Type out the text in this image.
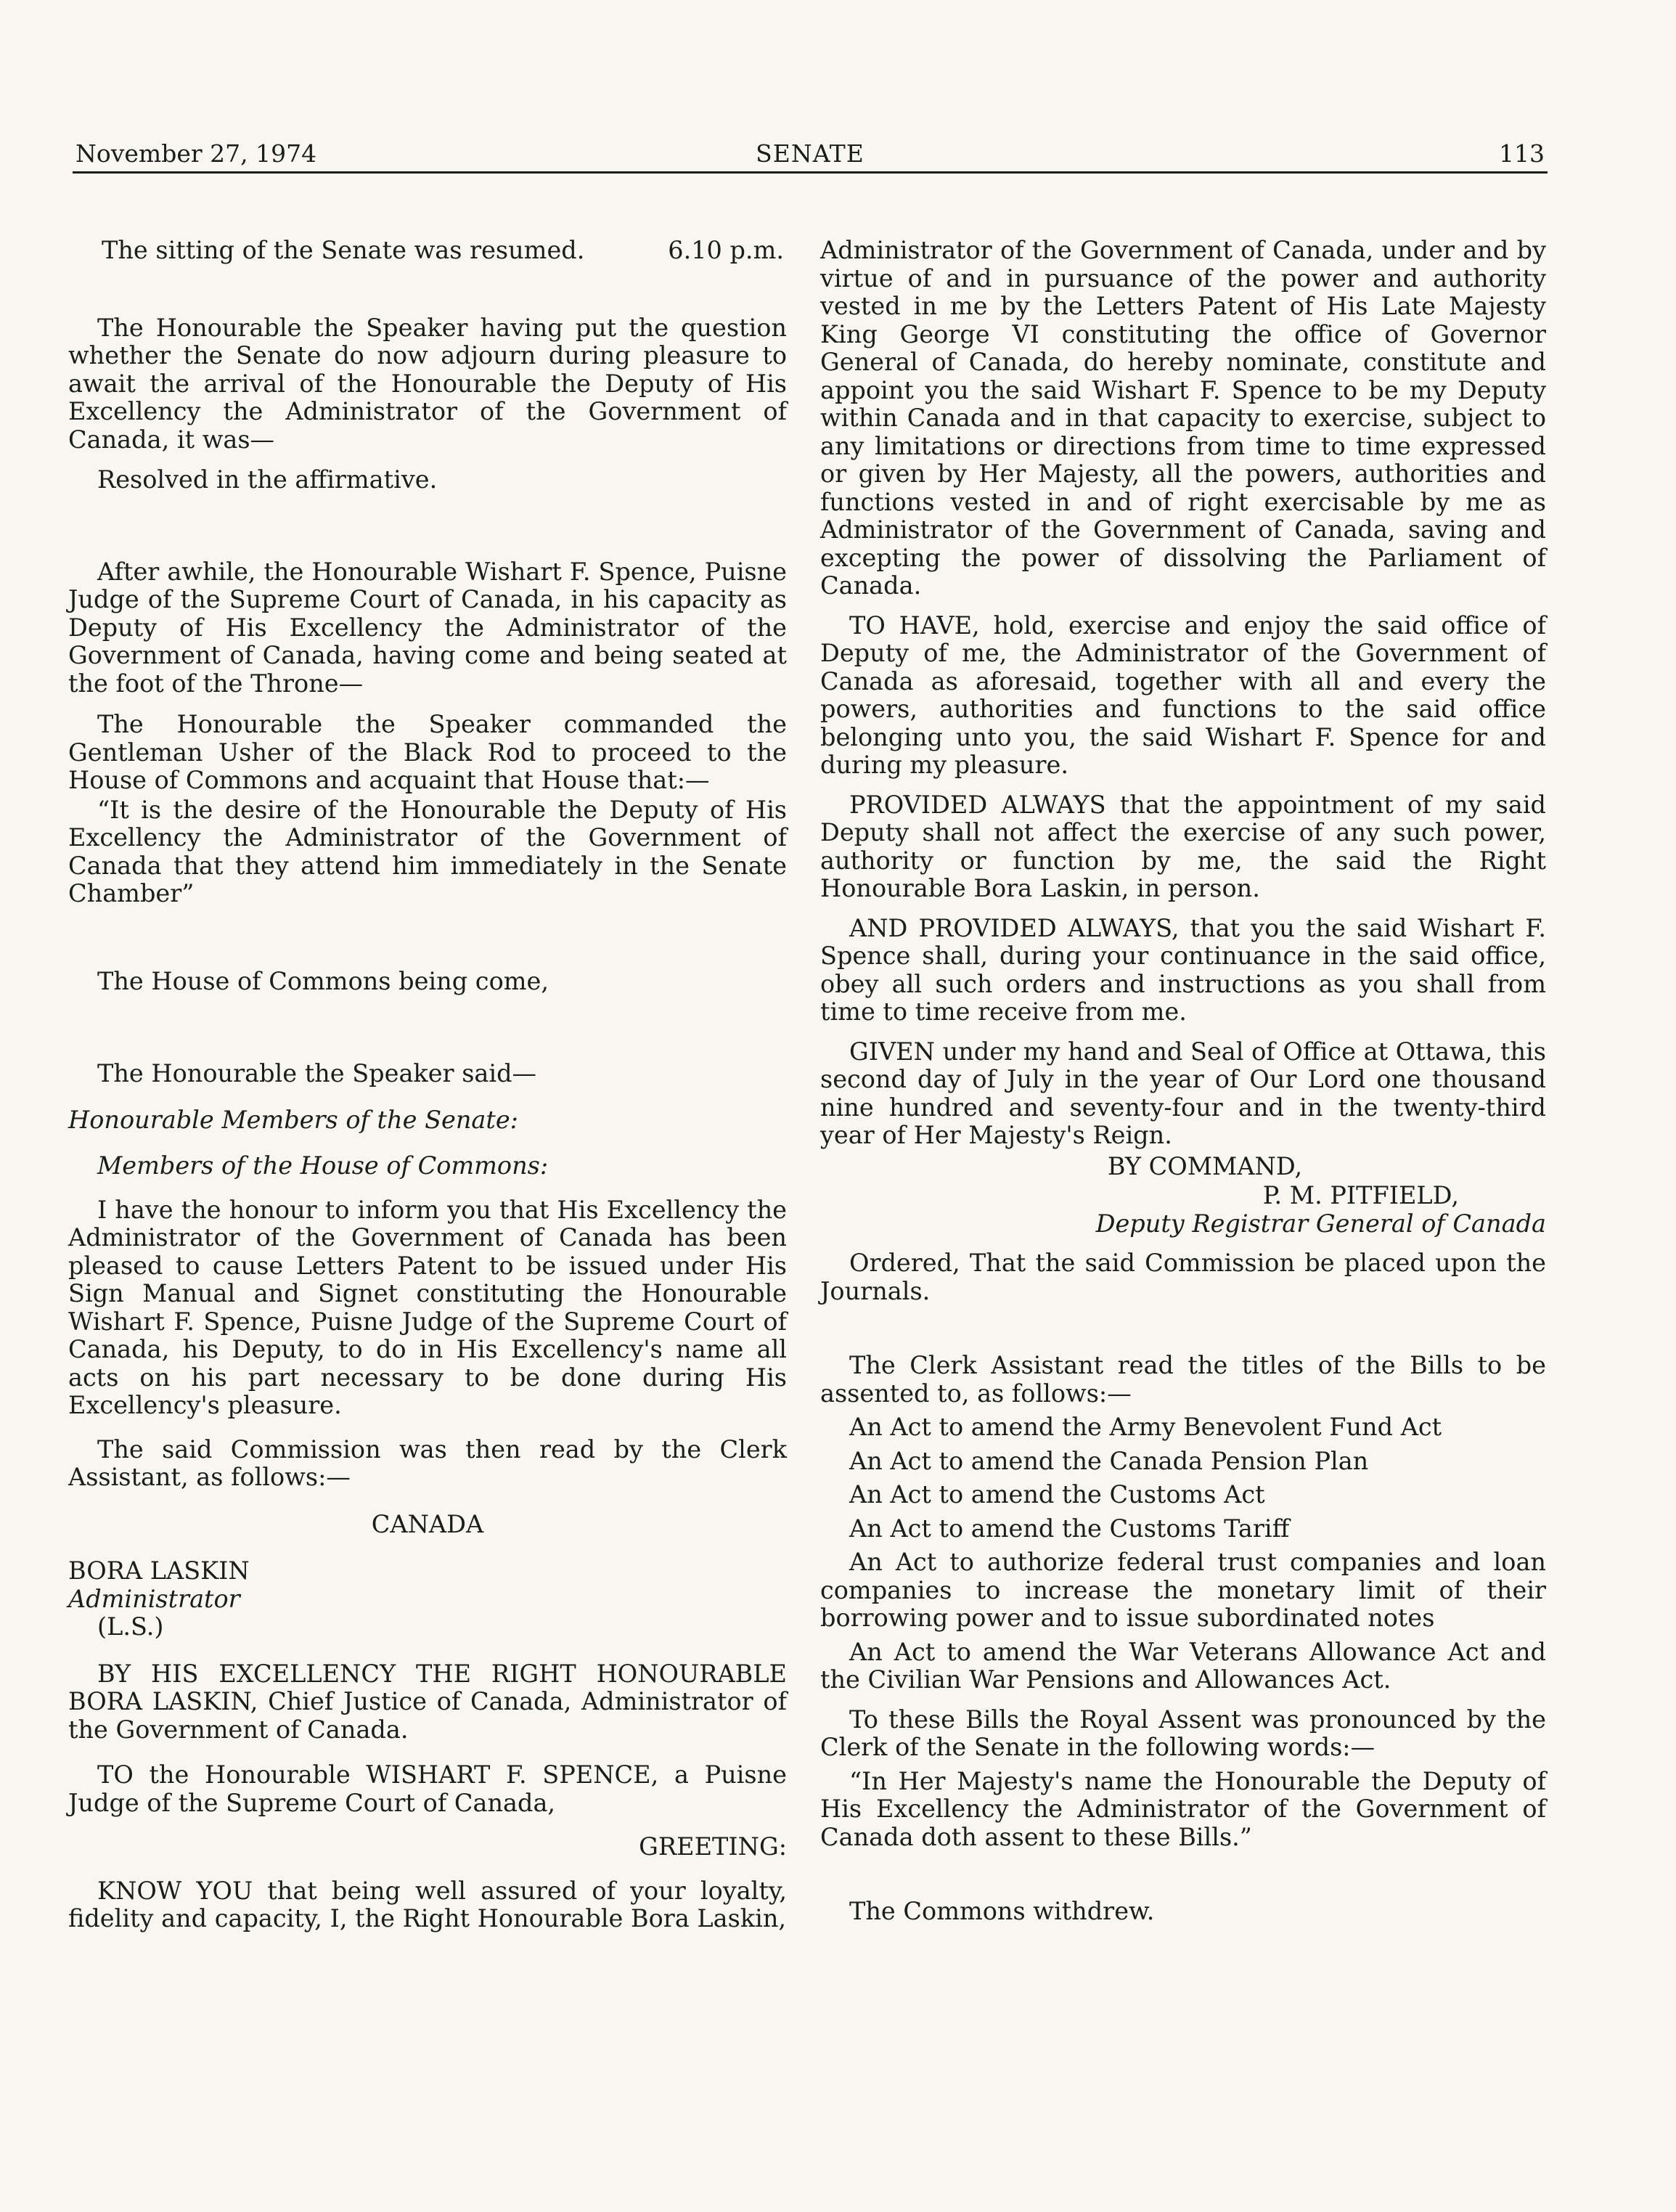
November 27, 1974	SENATE	113
The sitting of the Senate was resumed.	6.10 p.m.

The Honourable the Speaker having put the question whether the Senate do now adjourn during pleasure to await the arrival of the Honourable the Deputy of His Excellency the Administrator of the Government of Canada, it was—

Resolved in the affirmative.

After awhile, the Honourable Wishart F. Spence, Puisne Judge of the Supreme Court of Canada, in his capacity as Deputy of His Excellency the Administrator of the Government of Canada, having come and being seated at the foot of the Throne—

The Honourable the Speaker commanded the Gentleman Usher of the Black Rod to proceed to the House of Commons and acquaint that House that:—

“It is the desire of the Honourable the Deputy of His Excellency the Administrator of the Government of Canada that they attend him immediately in the Senate Chamber”

The House of Commons being come,

The Honourable the Speaker said—

Honourable Members of the Senate:

Members of the House of Commons:

I have the honour to inform you that His Excellency the Administrator of the Government of Canada has been pleased to cause Letters Patent to be issued under His Sign Manual and Signet constituting the Honourable Wishart F. Spence, Puisne Judge of the Supreme Court of Canada, his Deputy, to do in His Excellency's name all acts on his part necessary to be done during His Excellency's pleasure.

The said Commission was then read by the Clerk Assistant, as follows:—

CANADA

BORA LASKIN

Administrator

(L.S.)

BY HIS EXCELLENCY THE RIGHT HONOURABLE BORA LASKIN, Chief Justice of Canada, Administrator of the Government of Canada.

TO the Honourable WISHART F. SPENCE, a Puisne Judge of the Supreme Court of Canada,

GREETING:

KNOW YOU that being well assured of your loyalty, fidelity and capacity, I, the Right Honourable Bora Laskin,

Administrator of the Government of Canada, under and by virtue of and in pursuance of the power and authority vested in me by the Letters Patent of His Late Majesty King George VI constituting the office of Governor General of Canada, do hereby nominate, constitute and appoint you the said Wishart F. Spence to be my Deputy within Canada and in that capacity to exercise, subject to any limitations or directions from time to time expressed or given by Her Majesty, all the powers, authorities and functions vested in and of right exercisable by me as Administrator of the Government of Canada, saving and excepting the power of dissolving the Parliament of Canada.

TO HAVE, hold, exercise and enjoy the said office of Deputy of me, the Administrator of the Government of Canada as aforesaid, together with all and every the powers, authorities and functions to the said office belonging unto you, the said Wishart F. Spence for and during my pleasure.

PROVIDED ALWAYS that the appointment of my said Deputy shall not affect the exercise of any such power, authority or function by me, the said the Right Honourable Bora Laskin, in person.

AND PROVIDED ALWAYS, that you the said Wishart F. Spence shall, during your continuance in the said office, obey all such orders and instructions as you shall from time to time receive from me.

GIVEN under my hand and Seal of Office at Ottawa, this second day of July in the year of Our Lord one thousand nine hundred and seventy-four and in the twenty-third year of Her Majesty's Reign.

BY COMMAND,

P. M. PITFIELD,

Deputy Registrar General of Canada

Ordered, That the said Commission be placed upon the Journals.

The Clerk Assistant read the titles of the Bills to be assented to, as follows:—

An Act to amend the Army Benevolent Fund Act

An Act to amend the Canada Pension Plan

An Act to amend the Customs Act

An Act to amend the Customs Tariff

An Act to authorize federal trust companies and loan companies to increase the monetary limit of their borrowing power and to issue subordinated notes

An Act to amend the War Veterans Allowance Act and the Civilian War Pensions and Allowances Act.

To these Bills the Royal Assent was pronounced by the Clerk of the Senate in the following words:—

“In Her Majesty's name the Honourable the Deputy of His Excellency the Administrator of the Government of Canada doth assent to these Bills.”

The Commons withdrew.
